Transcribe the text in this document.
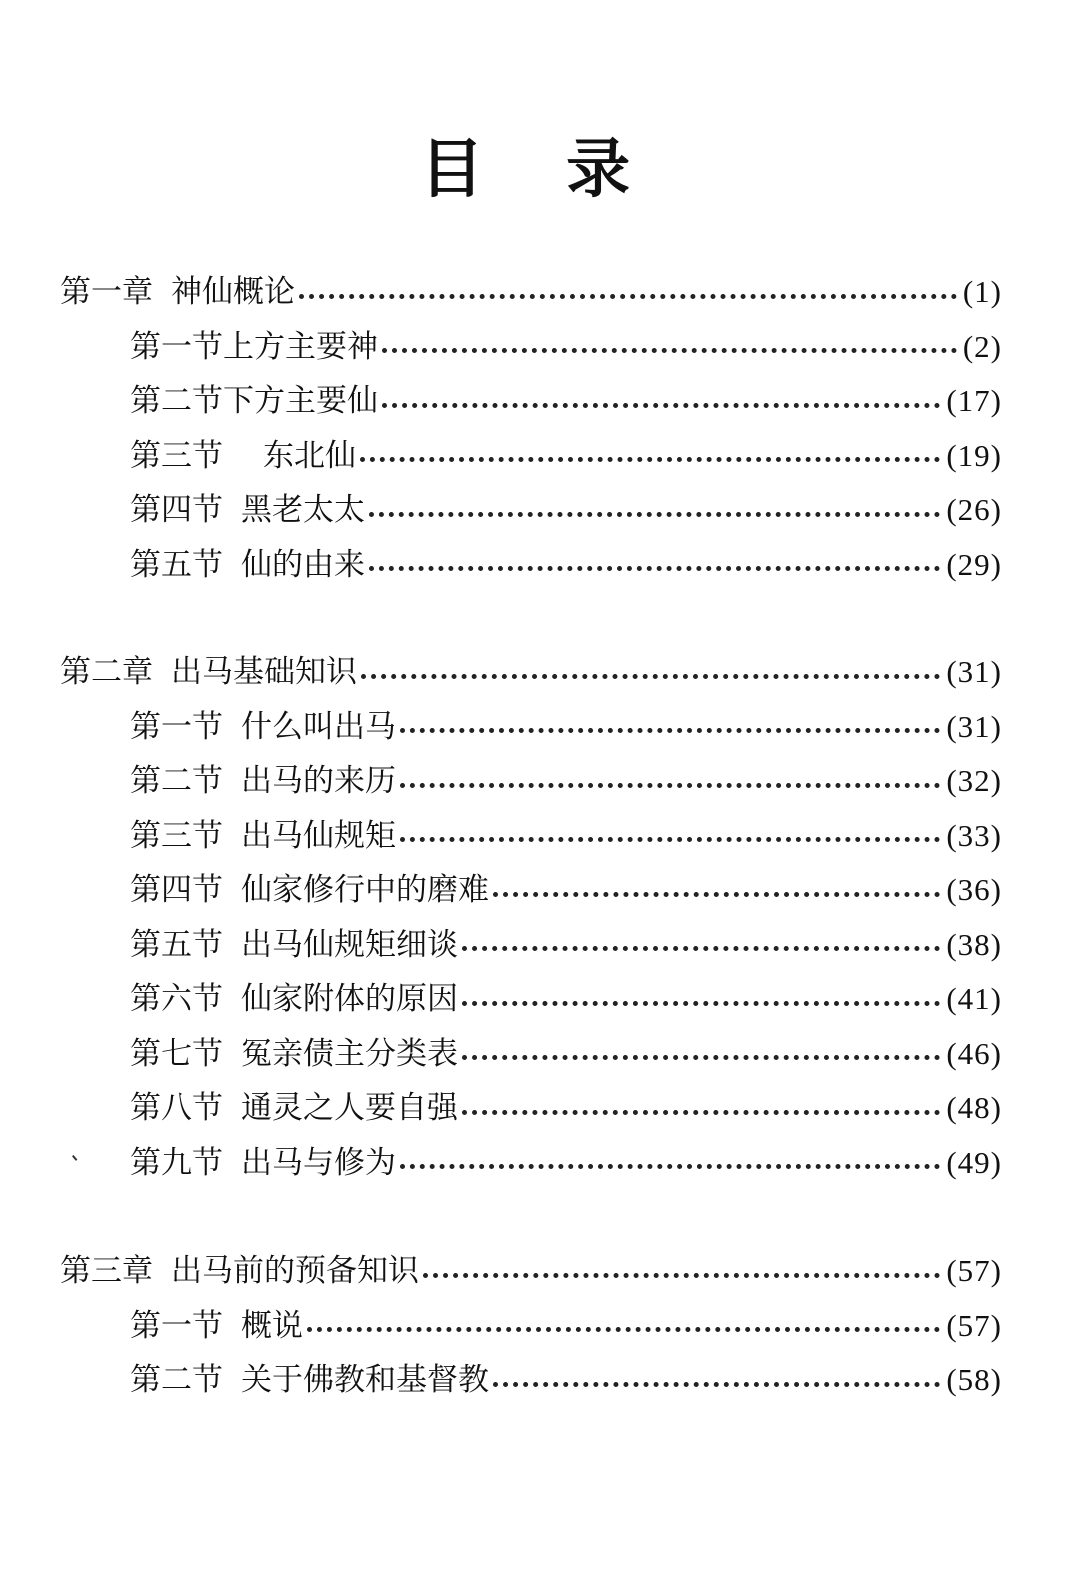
目 录
第一章 神仙概论	(1)
第一节 上方主要神	(2)
第二节 下方主要仙	(17)
第三节 东北仙	(19)
第四节 黑老太太	(26)
第五节 仙的由来	(29)
第二章 出马基础知识	(31)
第一节 什么叫出马	(31)
第二节 出马的来历	(32)
第三节 出马仙规矩	(33)
第四节 仙家修行中的磨难	(36)
第五节 出马仙规矩细谈	(38)
第六节 仙家附体的原因	(41)
第七节 冤亲债主分类表	(46)
第八节 通灵之人要自强	(48)
第九节 出马与修为	(49)
第三章 出马前的预备知识	(57)
第一节 概说	(57)
第二节 关于佛教和基督教	(58)
